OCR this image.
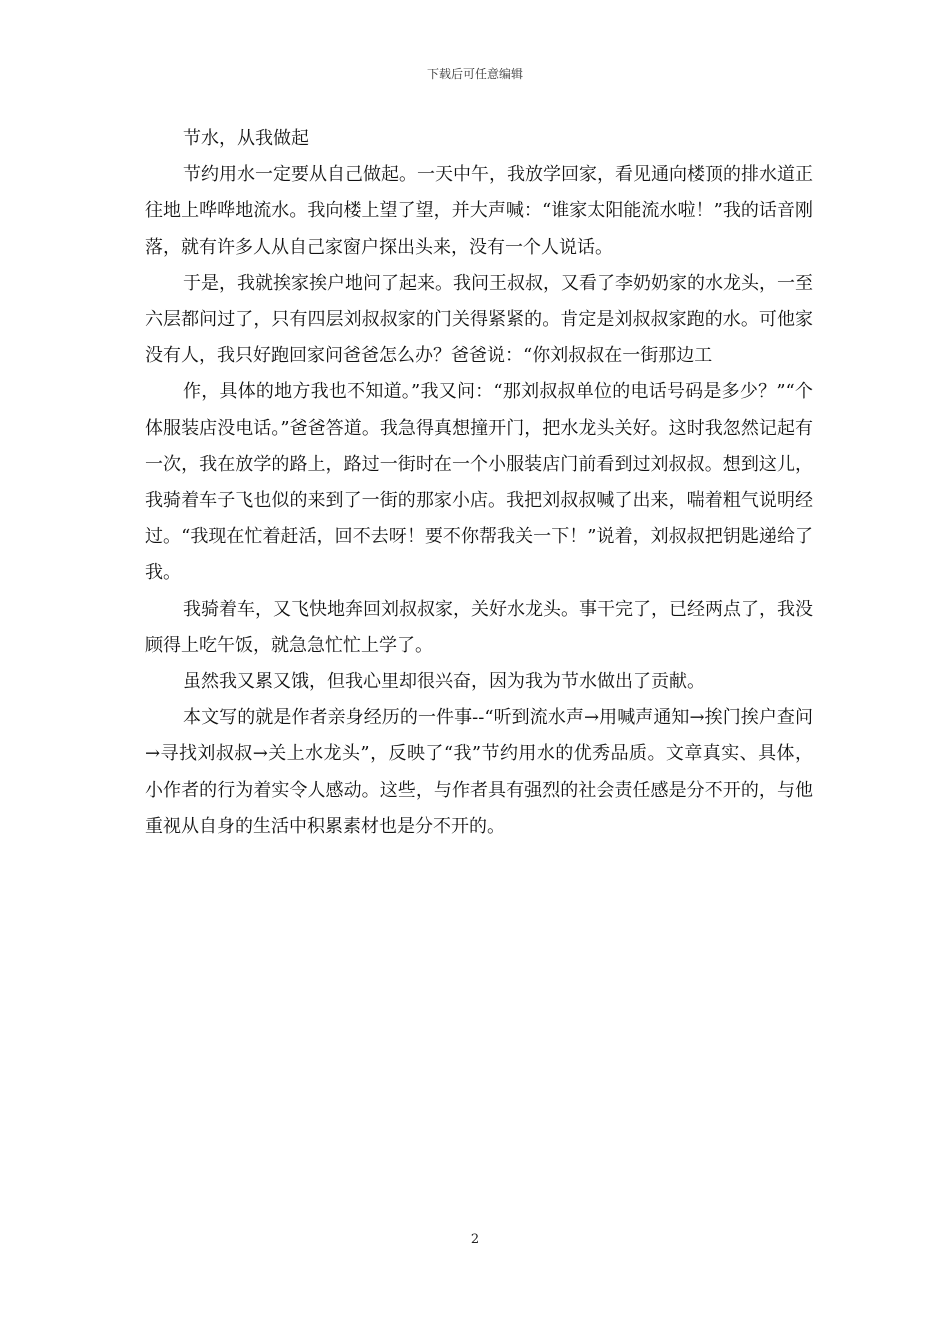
下载后可任意编辑

节水，从我做起

节约用水一定要从自己做起。一天中午，我放学回家，看见通向楼顶的排水道正往地上哗哗地流水。我向楼上望了望，并大声喊：“谁家太阳能流水啦！”我的话音刚落，就有许多人从自己家窗户探出头来，没有一个人说话。

于是，我就挨家挨户地问了起来。我问王叔叔，又看了李奶奶家的水龙头，一至六层都问过了，只有四层刘叔叔家的门关得紧紧的。肯定是刘叔叔家跑的水。可他家没有人，我只好跑回家问爸爸怎么办？爸爸说：“你刘叔叔在一街那边工

作，具体的地方我也不知道。”我又问：“那刘叔叔单位的电话号码是多少？”“个体服装店没电话。”爸爸答道。我急得真想撞开门，把水龙头关好。这时我忽然记起有一次，我在放学的路上，路过一街时在一个小服装店门前看到过刘叔叔。想到这儿，我骑着车子飞也似的来到了一街的那家小店。我把刘叔叔喊了出来，喘着粗气说明经过。“我现在忙着赶活，回不去呀！要不你帮我关一下！”说着，刘叔叔把钥匙递给了我。

我骑着车，又飞快地奔回刘叔叔家，关好水龙头。事干完了，已经两点了，我没顾得上吃午饭，就急急忙忙上学了。

虽然我又累又饿，但我心里却很兴奋，因为我为节水做出了贡献。

本文写的就是作者亲身经历的一件事--“听到流水声→用喊声通知→挨门挨户查问→寻找刘叔叔→关上水龙头”，反映了“我”节约用水的优秀品质。文章真实、具体，小作者的行为着实令人感动。这些，与作者具有强烈的社会责任感是分不开的，与他重视从自身的生活中积累素材也是分不开的。

2
